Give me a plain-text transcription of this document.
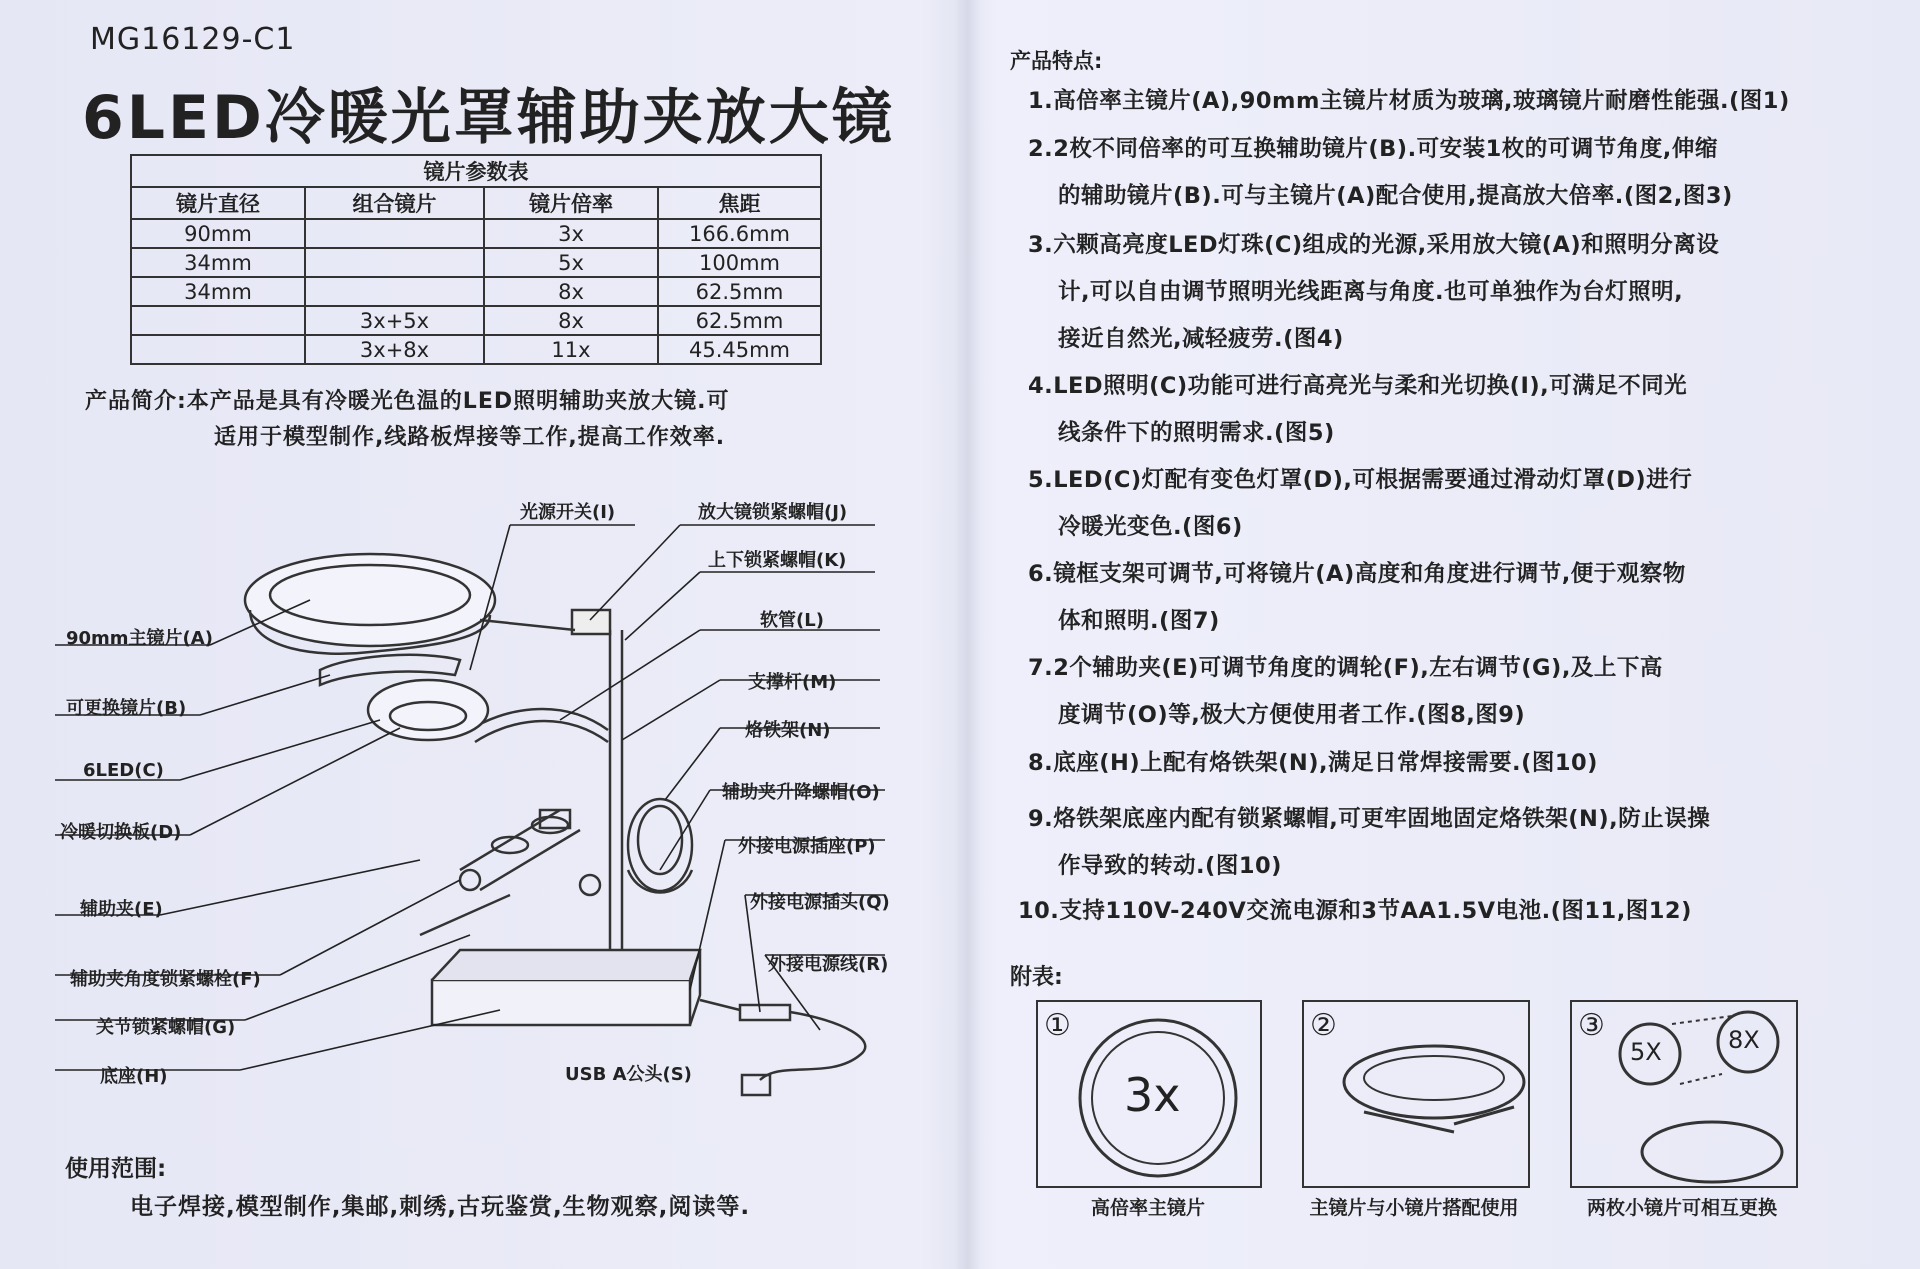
MG16129-C1
6LED冷暖光罩辅助夹放大镜
镜片参数表			
镜片直径	组合镜片	镜片倍率	焦距
90mm		3x	166.6mm
34mm		5x	100mm
34mm		8x	62.5mm
	3x+5x	8x	62.5mm
	3x+8x	11x	45.45mm
产品简介:本产品是具有冷暖光色温的LED照明辅助夹放大镜.可
适用于模型制作,线路板焊接等工作,提高工作效率.
光源开关(I)	放大镜锁紧螺帽(J)
上下锁紧螺帽(K)
软管(L)
支撑杆(M)
烙铁架(N)
辅助夹升降螺帽(O)
外接电源插座(P)
外接电源插头(Q)
外接电源线(R)
USB A公头(S)
90mm主镜片(A)
可更换镜片(B)
6LED(C)
冷暖切换板(D)
辅助夹(E)
辅助夹角度锁紧螺栓(F)
关节锁紧螺帽(G)
底座(H)
使用范围:
电子焊接,模型制作,集邮,刺绣,古玩鉴赏,生物观察,阅读等.
产品特点:
1.高倍率主镜片(A),90mm主镜片材质为玻璃,玻璃镜片耐磨性能强.(图1)
2.2枚不同倍率的可互换辅助镜片(B).可安装1枚的可调节角度,伸缩
的辅助镜片(B).可与主镜片(A)配合使用,提高放大倍率.(图2,图3)
3.六颗高亮度LED灯珠(C)组成的光源,采用放大镜(A)和照明分离设
计,可以自由调节照明光线距离与角度.也可单独作为台灯照明,
接近自然光,减轻疲劳.(图4)
4.LED照明(C)功能可进行高亮光与柔和光切换(I),可满足不同光
线条件下的照明需求.(图5)
5.LED(C)灯配有变色灯罩(D),可根据需要通过滑动灯罩(D)进行
冷暖光变色.(图6)
6.镜框支架可调节,可将镜片(A)高度和角度进行调节,便于观察物
体和照明.(图7)
7.2个辅助夹(E)可调节角度的调轮(F),左右调节(G),及上下高
度调节(O)等,极大方便使用者工作.(图8,图9)
8.底座(H)上配有烙铁架(N),满足日常焊接需要.(图10)
9.烙铁架底座内配有锁紧螺帽,可更牢固地固定烙铁架(N),防止误操
作导致的转动.(图10)
10.支持110V-240V交流电源和3节AA1.5V电池.(图11,图12)
附表:
①
3x
②	③
5X	8X
高倍率主镜片	主镜片与小镜片搭配使用	两枚小镜片可相互更换
